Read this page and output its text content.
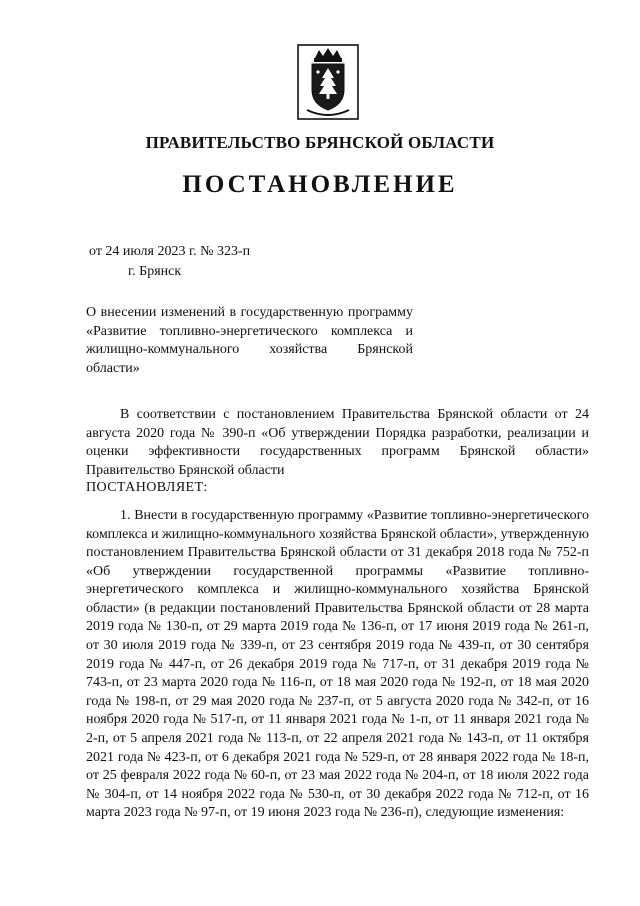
ПРАВИТЕЛЬСТВО БРЯНСКОЙ ОБЛАСТИ
ПОСТАНОВЛЕНИЕ
от 24 июля 2023 г. № 323-п
г. Брянск
О внесении изменений в государственную программу «Развитие топливно-энергетического комплекса и жилищно-коммунального хозяйства Брянской области»
В соответствии с постановлением Правительства Брянской области от 24 августа 2020 года № 390-п «Об утверждении Порядка разработки, реализации и оценки эффективности государственных программ Брянской области» Правительство Брянской области
ПОСТАНОВЛЯЕТ:
1. Внести в государственную программу «Развитие топливно-энергетического комплекса и жилищно-коммунального хозяйства Брянской области», утвержденную постановлением Правительства Брянской области от 31 декабря 2018 года № 752-п «Об утверждении государственной программы «Развитие топливно-энергетического комплекса и жилищно-коммунального хозяйства Брянской области» (в редакции постановлений Правительства Брянской области от 28 марта 2019 года № 130-п, от 29 марта 2019 года № 136-п, от 17 июня 2019 года № 261-п, от 30 июля 2019 года № 339-п, от 23 сентября 2019 года № 439-п, от 30 сентября 2019 года № 447-п, от 26 декабря 2019 года № 717-п, от 31 декабря 2019 года № 743-п, от 23 марта 2020 года № 116-п, от 18 мая 2020 года № 192-п, от 18 мая 2020 года № 198-п, от 29 мая 2020 года № 237-п, от 5 августа 2020 года № 342-п, от 16 ноября 2020 года № 517-п, от 11 января 2021 года № 1-п, от 11 января 2021 года № 2-п, от 5 апреля 2021 года № 113-п, от 22 апреля 2021 года № 143-п, от 11 октября 2021 года № 423-п, от 6 декабря 2021 года № 529-п, от 28 января 2022 года № 18-п, от 25 февраля 2022 года № 60-п, от 23 мая 2022 года № 204-п, от 18 июля 2022 года № 304-п, от 14 ноября 2022 года № 530-п, от 30 декабря 2022 года № 712-п, от 16 марта 2023 года № 97-п, от 19 июня 2023 года № 236-п), следующие изменения:
